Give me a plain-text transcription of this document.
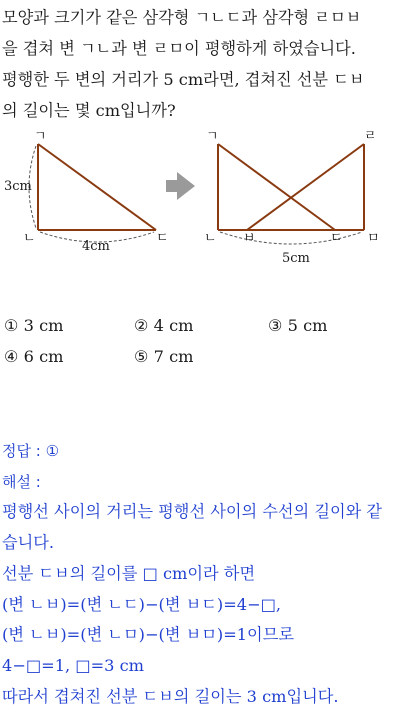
모양과 크기가 같은 삼각형 ㄱㄴㄷ과 삼각형 ㄹㅁㅂ

을 겹쳐 변 ㄱㄴ과 변 ㄹㅁ이 평행하게 하였습니다.

평행한 두 변의 거리가 5 cm라면, 겹쳐진 선분 ㄷㅂ

의 길이는 몇 cm입니까?

ㄱ
ㄴ	ㄷ
3cm
4cm
ㄱ	ㄹ
ㄴ ㅂ	ㄷ ㅁ
5cm
① 3 cm	② 4 cm	③ 5 cm
④ 6 cm	⑤ 7 cm

정답 : ①

해설 :

평행선 사이의 거리는 평행선 사이의 수선의 길이와 같

습니다.

선분 ㄷㅂ의 길이를 □ cm이라 하면

(변 ㄴㅂ)=(변 ㄴㄷ)−(변 ㅂㄷ)=4−□,

(변 ㄴㅂ)=(변 ㄴㅁ)−(변 ㅂㅁ)=1이므로

4−□=1, □=3 cm

따라서 겹쳐진 선분 ㄷㅂ의 길이는 3 cm입니다.
